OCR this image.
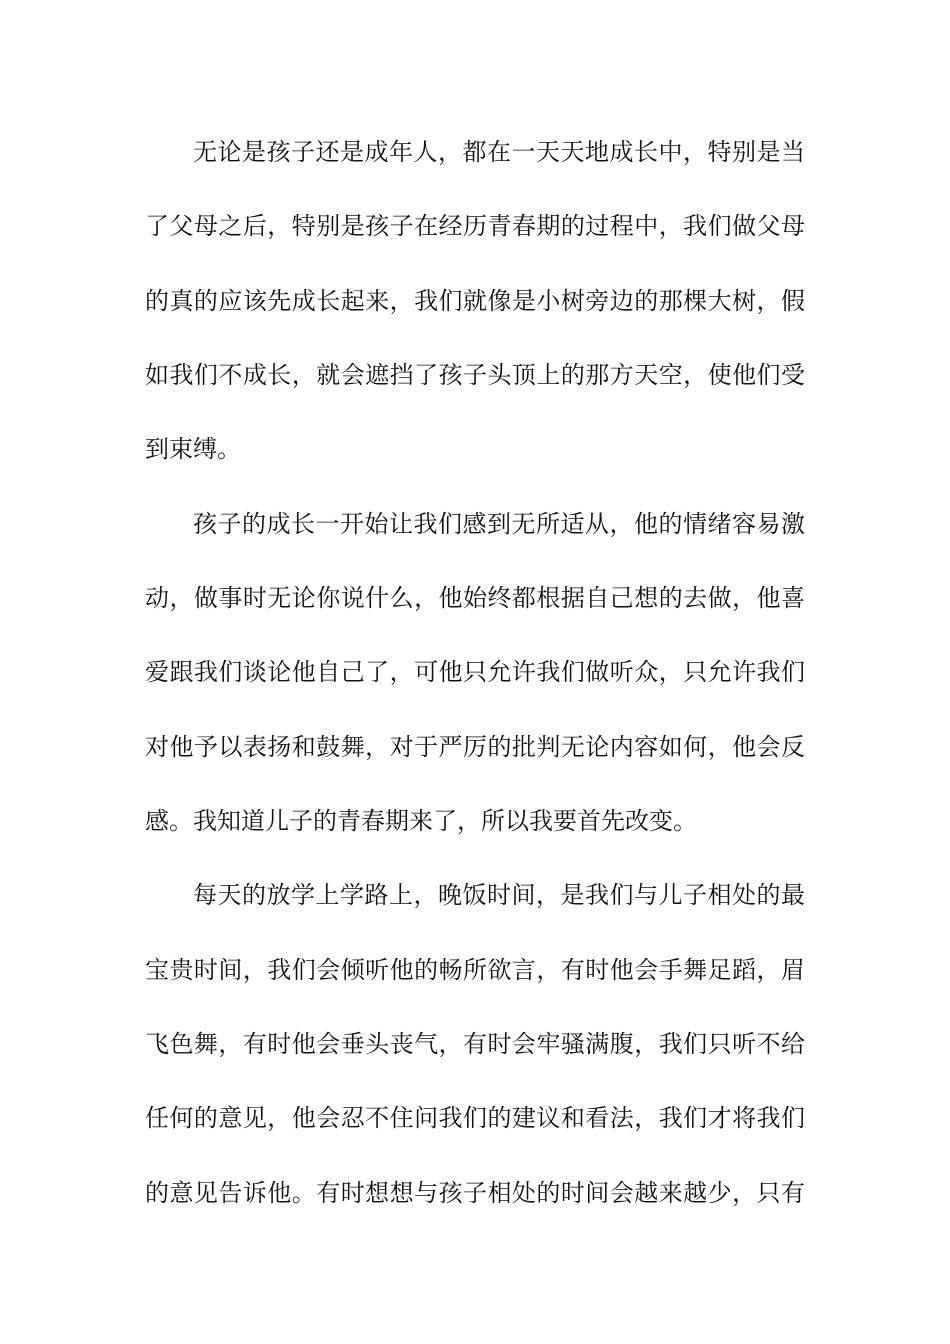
无论是孩子还是成年人，都在一天天地成长中，特别是当
了父母之后，特别是孩子在经历青春期的过程中，我们做父母
的真的应该先成长起来，我们就像是小树旁边的那棵大树，假
如我们不成长，就会遮挡了孩子头顶上的那方天空，使他们受
到束缚。
孩子的成长一开始让我们感到无所适从，他的情绪容易激
动，做事时无论你说什么，他始终都根据自己想的去做，他喜
爱跟我们谈论他自己了，可他只允许我们做听众，只允许我们
对他予以表扬和鼓舞，对于严厉的批判无论内容如何，他会反
感。我知道儿子的青春期来了，所以我要首先改变。
每天的放学上学路上，晚饭时间，是我们与儿子相处的最
宝贵时间，我们会倾听他的畅所欲言，有时他会手舞足蹈，眉
飞色舞，有时他会垂头丧气，有时会牢骚满腹，我们只听不给
任何的意见，他会忍不住问我们的建议和看法，我们才将我们
的意见告诉他。有时想想与孩子相处的时间会越来越少，只有
